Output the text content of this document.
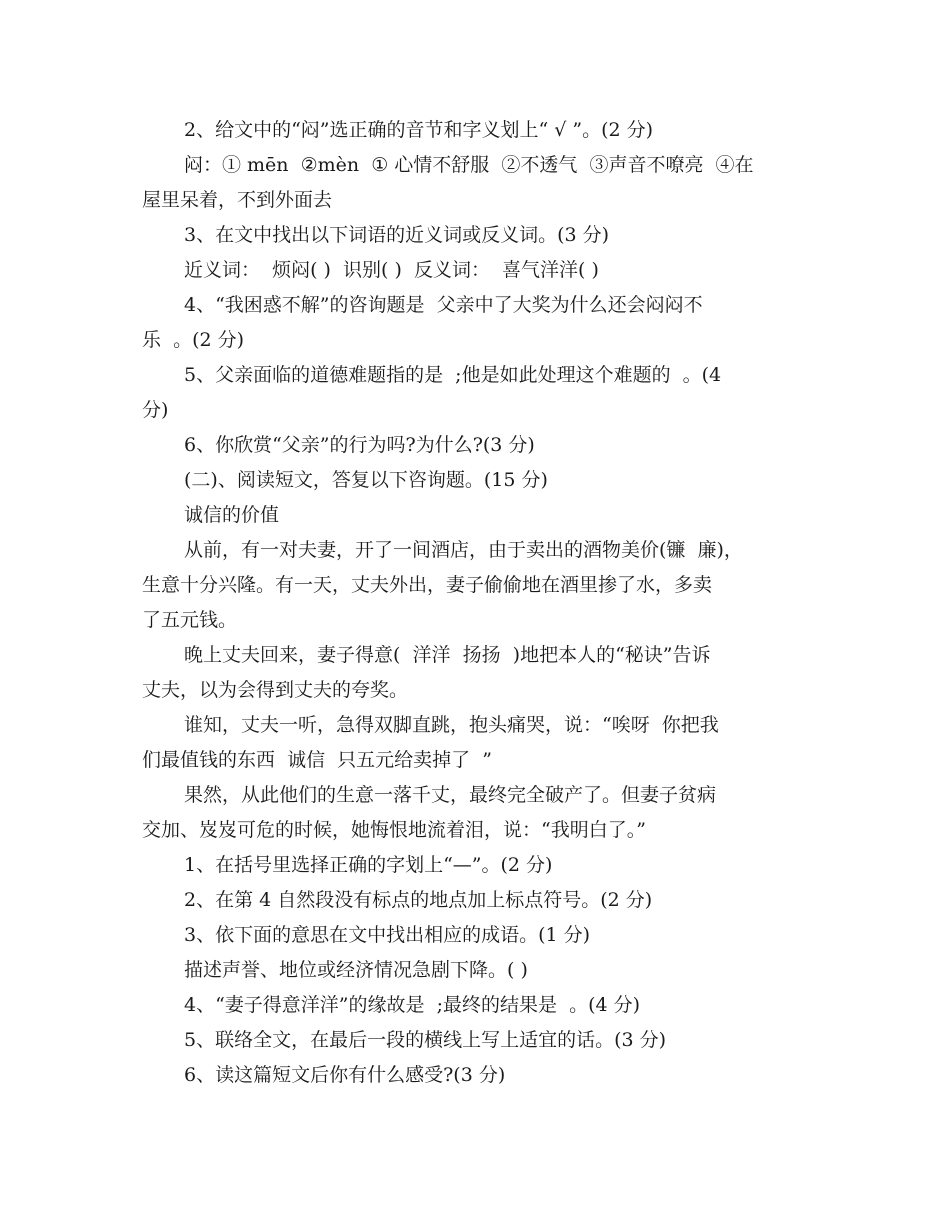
2、给文中的“闷”选正确的音节和字义划上“ √ ”。(2 分)
闷：① mēn  ②mèn  ① 心情不舒服  ②不透气  ③声音不嘹亮  ④在
屋里呆着，不到外面去
3、在文中找出以下词语的近义词或反义词。(3 分)
近义词：  烦闷( )  识别( )  反义词：  喜气洋洋( )
4、“我困惑不解”的咨询题是  父亲中了大奖为什么还会闷闷不
乐  。(2 分)
5、父亲面临的道德难题指的是  ;他是如此处理这个难题的  。(4
分)
6、你欣赏“父亲”的行为吗?为什么?(3 分)
(二)、阅读短文，答复以下咨询题。(15 分)
诚信的价值
从前，有一对夫妻，开了一间酒店，由于卖出的酒物美价(镰  廉)，
生意十分兴隆。有一天，丈夫外出，妻子偷偷地在酒里掺了水，多卖
了五元钱。
晚上丈夫回来，妻子得意(  洋洋  扬扬  )地把本人的“秘诀”告诉
丈夫，以为会得到丈夫的夸奖。
谁知，丈夫一听，急得双脚直跳，抱头痛哭，说：“唉呀  你把我
们最值钱的东西  诚信  只五元给卖掉了  ”
果然，从此他们的生意一落千丈，最终完全破产了。但妻子贫病
交加、岌岌可危的时候，她悔恨地流着泪，说：“我明白了。”
1、在括号里选择正确的字划上“—”。(2 分)
2、在第 4 自然段没有标点的地点加上标点符号。(2 分)
3、依下面的意思在文中找出相应的成语。(1 分)
描述声誉、地位或经济情况急剧下降。( )
4、“妻子得意洋洋”的缘故是  ;最终的结果是  。(4 分)
5、联络全文，在最后一段的横线上写上适宜的话。(3 分)
6、读这篇短文后你有什么感受?(3 分)
